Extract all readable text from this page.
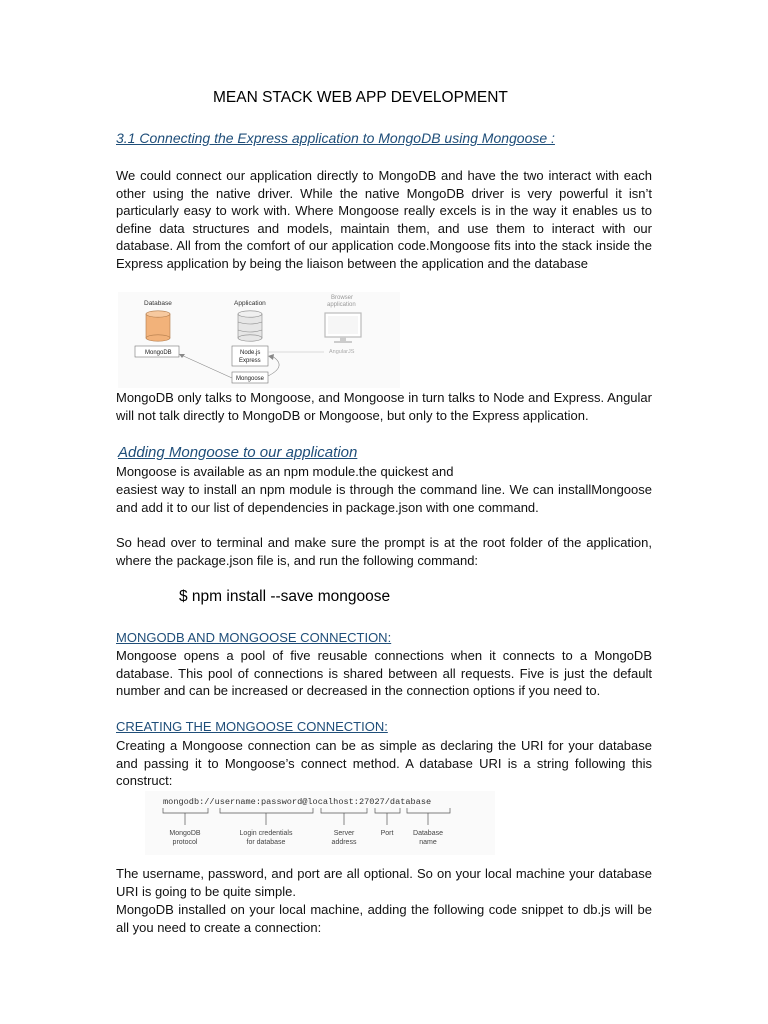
MEAN STACK WEB APP DEVELOPMENT
3.1 Connecting the Express application to MongoDB using Mongoose :

We could connect our application directly to MongoDB and have the two interact with each other using the native driver. While the native MongoDB driver is very powerful it isn’t particularly easy to work with. Where Mongoose really excels is in the way it enables us to define data structures and models, maintain them, and use them to interact with our database. All from the comfort of our application code.Mongoose fits into the stack inside the Express application by being the liaison between the application and the database

Database	Application
Browser
application
MongoDB	Node.js
Express
Mongoose
AngularJS

MongoDB only talks to Mongoose, and Mongoose in turn talks to Node and Express. Angular will not talk directly to MongoDB or Mongoose, but only to the Express application.

Adding Mongoose to our application

Mongoose is available as an npm module.the quickest and

easiest way to install an npm module is through the command line. We can installMongoose and add it to our list of dependencies in package.json with one command.

So head over to terminal and make sure the prompt is at the root folder of the application, where the package.json file is, and run the following command:

$ npm install --save mongoose
MONGODB AND MONGOOSE CONNECTION:

Mongoose opens a pool of five reusable connections when it connects to a MongoDB database. This pool of connections is shared between all requests. Five is just the default number and can be increased or decreased in the connection options if you need to.

CREATING THE MONGOOSE CONNECTION:

Creating a Mongoose connection can be as simple as declaring the URI for your database and passing it to Mongoose’s connect method. A database URI is a string following this construct:

mongodb://username:password@localhost:27027/database
MongoDB
protocol
Login credentials
for database
Server
address
Port	Database
name

The username, password, and port are all optional. So on your local machine your database URI is going to be quite simple.

MongoDB installed on your local machine, adding the following code snippet to db.js will be all you need to create a connection:
